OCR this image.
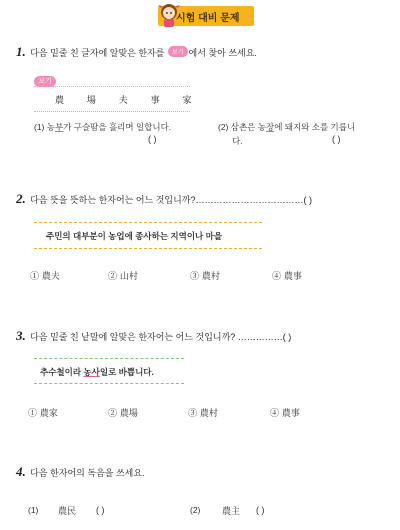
시험 대비 문제
1. 다음 밑줄 친 글자에 알맞은 한자를 보기 에서 찾아 쓰세요.
보기
農 場 夫 事 家
(1) 농부가 구슬땀을 흘리며 일합니다.
( )
(2) 삼촌은 농장에 돼지와 소를 기릅니
다.	( )
2. 다음 뜻을 뜻하는 한자어는 어느 것입니까?………………………………( )
주민의 대부분이 농업에 종사하는 지역이나 마을
① 農夫	② 山村	③ 農村	④ 農事
3. 다음 밑줄 친 낱말에 알맞은 한자어는 어느 것입니까? ……………( )
추수철이라 농사일로 바쁩니다.
① 農家	② 農場	③ 農村	④ 農事
4. 다음 한자어의 독음을 쓰세요.
(1) 農民 ( )	(2) 農主 ( )
